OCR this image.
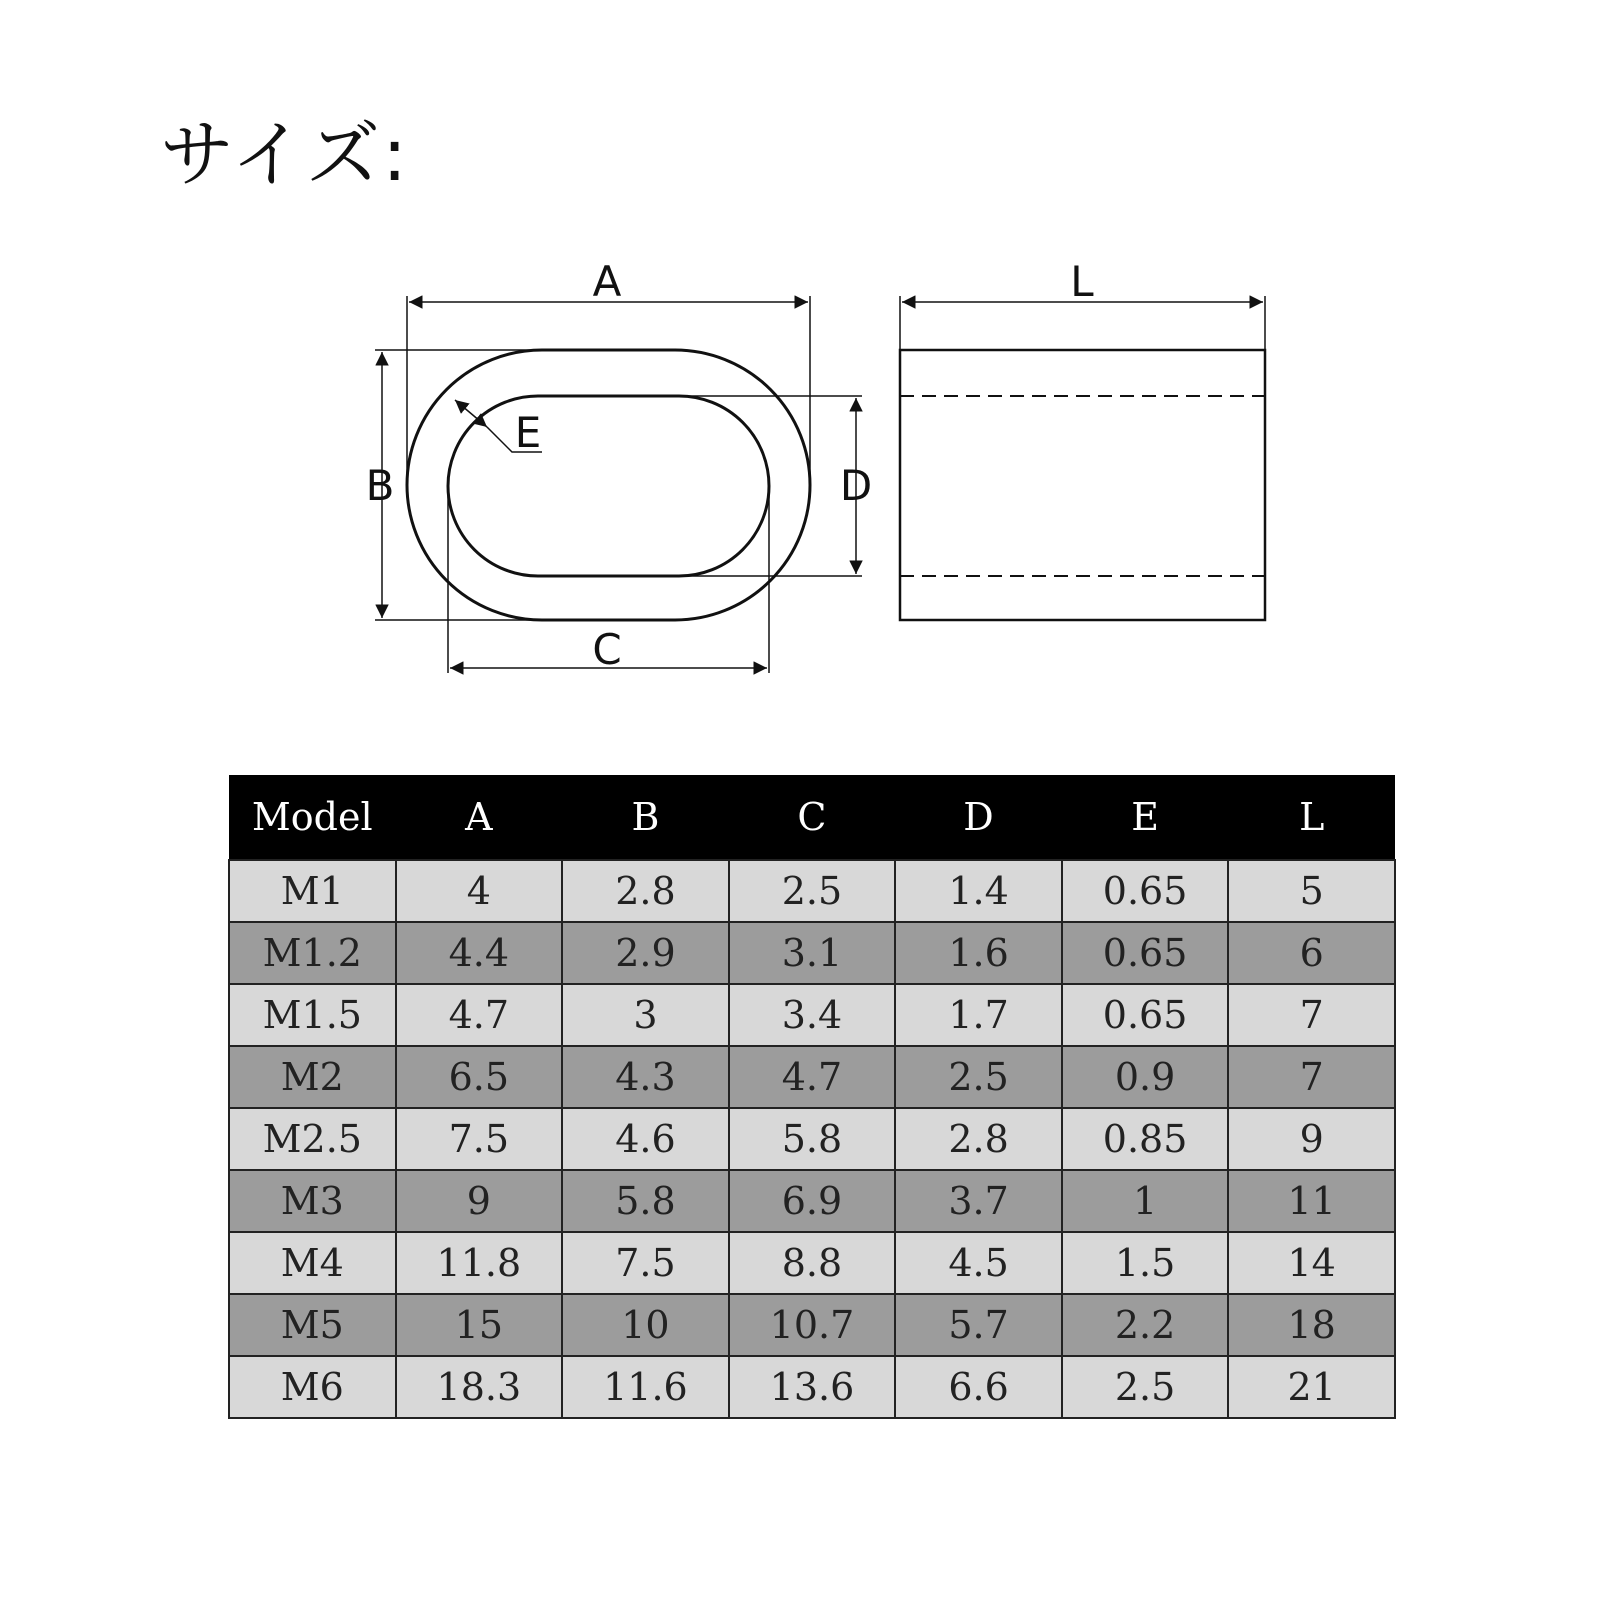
サイズ:
A
B
C
D
E
L
Model	A	B	C	D	E	L
M1	4	2.8	2.5	1.4	0.65	5
M1.2	4.4	2.9	3.1	1.6	0.65	6
M1.5	4.7	3	3.4	1.7	0.65	7
M2	6.5	4.3	4.7	2.5	0.9	7
M2.5	7.5	4.6	5.8	2.8	0.85	9
M3	9	5.8	6.9	3.7	1	11
M4	11.8	7.5	8.8	4.5	1.5	14
M5	15	10	10.7	5.7	2.2	18
M6	18.3	11.6	13.6	6.6	2.5	21
